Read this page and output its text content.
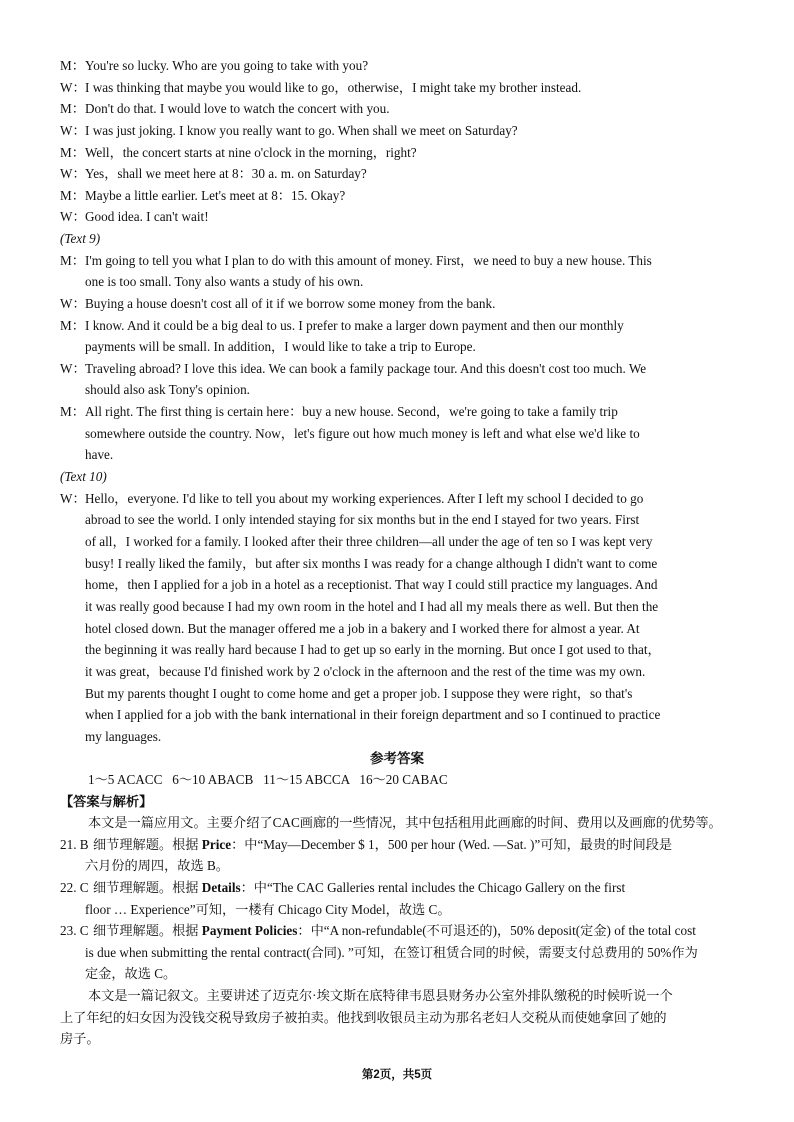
M：You're so lucky. Who are you going to take with you?
W：I was thinking that maybe you would like to go，otherwise，I might take my brother instead.
M：Don't do that. I would love to watch the concert with you.
W：I was just joking. I know you really want to go. When shall we meet on Saturday?
M：Well，the concert starts at nine o'clock in the morning，right?
W：Yes，shall we meet here at 8：30 a. m. on Saturday?
M：Maybe a little earlier. Let's meet at 8：15. Okay?
W：Good idea. I can't wait!
(Text 9)
M：I'm going to tell you what I plan to do with this amount of money. First，we need to buy a new house. This
one is too small. Tony also wants a study of his own.
W：Buying a house doesn't cost all of it if we borrow some money from the bank.
M：I know. And it could be a big deal to us. I prefer to make a larger down payment and then our monthly
payments will be small. In addition，I would like to take a trip to Europe.
W：Traveling abroad? I love this idea. We can book a family package tour. And this doesn't cost too much. We
should also ask Tony's opinion.
M：All right. The first thing is certain here：buy a new house. Second，we're going to take a family trip
somewhere outside the country. Now，let's figure out how much money is left and what else we'd like to
have.
(Text 10)
W：Hello，everyone. I'd like to tell you about my working experiences. After I left my school I decided to go
abroad to see the world. I only intended staying for six months but in the end I stayed for two years. First
of all，I worked for a family. I looked after their three children—all under the age of ten so I was kept very
busy! I really liked the family，but after six months I was ready for a change although I didn't want to come
home，then I applied for a job in a hotel as a receptionist. That way I could still practice my languages. And
it was really good because I had my own room in the hotel and I had all my meals there as well. But then the
hotel closed down. But the manager offered me a job in a bakery and I worked there for almost a year. At
the beginning it was really hard because I had to get up so early in the morning. But once I got used to that，
it was great，because I'd finished work by 2 o'clock in the afternoon and the rest of the time was my own.
But my parents thought I ought to come home and get a proper job. I suppose they were right，so that's
when I applied for a job with the bank international in their foreign department and so I continued to practice
my languages.
参考答案
1～5 ACACC   6～10 ABACB   11～15 ABCCA   16～20 CABAC
【答案与解析】
本文是一篇应用文。主要介绍了CAC画廊的一些情况，其中包括租用此画廊的时间、费用以及画廊的优势等。
21. B 细节理解题。根据 Price：中“May—December $ 1，500 per hour (Wed. —Sat. )”可知，最贵的时间段是
六月份的周四，故选 B。
22. C 细节理解题。根据 Details：中“The CAC Galleries rental includes the Chicago Gallery on the first
floor … Experience”可知，一楼有 Chicago City Model，故选 C。
23. C 细节理解题。根据 Payment Policies：中“A non-refundable(不可退还的)，50% deposit(定金) of the total cost
is due when submitting the rental contract(合同). ”可知，在签订租赁合同的时候，需要支付总费用的 50%作为
定金，故选 C。
本文是一篇记叙文。主要讲述了迈克尔·埃文斯在底特律韦恩县财务办公室外排队缴税的时候听说一个
上了年纪的妇女因为没钱交税导致房子被拍卖。他找到收银员主动为那名老妇人交税从而使她拿回了她的
房子。
第2页，共5页
